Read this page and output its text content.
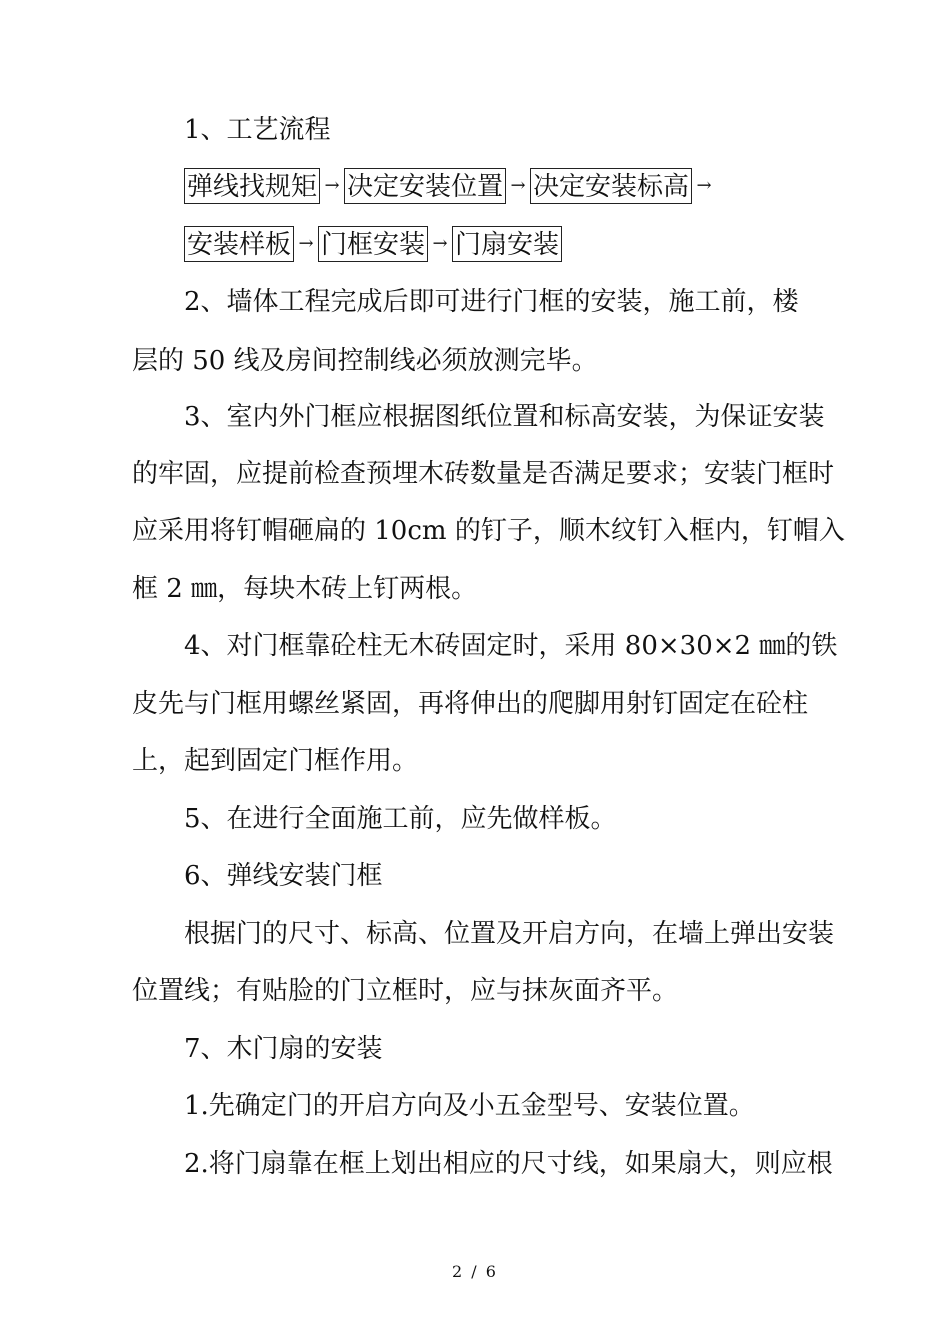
1、工艺流程
弹线找规矩 → 决定安装位置 → 决定安装标高 →
安装样板 → 门框安装 → 门扇安装
2、墙体工程完成后即可进行门框的安装，施工前，楼
层的 50 线及房间控制线必须放测完毕。
3、室内外门框应根据图纸位置和标高安装，为保证安装
的牢固，应提前检查预埋木砖数量是否满足要求；安装门框时
应采用将钉帽砸扁的 10cm 的钉子，顺木纹钉入框内，钉帽入
框 2 ㎜，每块木砖上钉两根。
4、对门框靠砼柱无木砖固定时，采用 80×30×2 ㎜的铁
皮先与门框用螺丝紧固，再将伸出的爬脚用射钉固定在砼柱
上，起到固定门框作用。
5、在进行全面施工前，应先做样板。
6、弹线安装门框
根据门的尺寸、标高、位置及开启方向，在墙上弹出安装
位置线；有贴脸的门立框时，应与抹灰面齐平。
7、木门扇的安装
1.先确定门的开启方向及小五金型号、安装位置。
2.将门扇靠在框上划出相应的尺寸线，如果扇大，则应根
2 / 6
